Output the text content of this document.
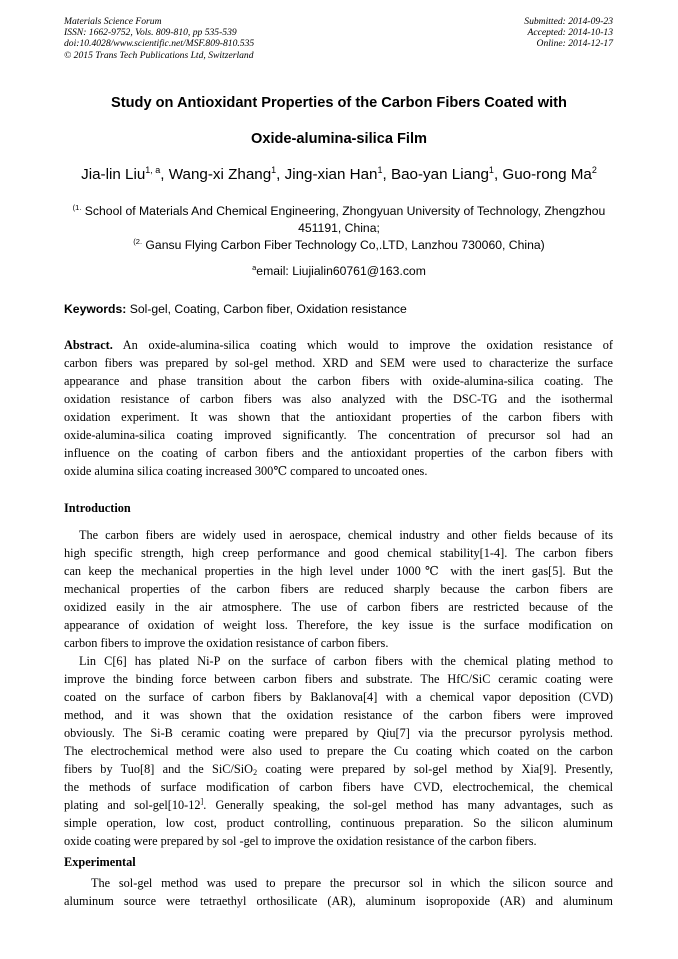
Materials Science Forum
ISSN: 1662-9752, Vols. 809-810, pp 535-539
doi:10.4028/www.scientific.net/MSF.809-810.535
© 2015 Trans Tech Publications Ltd, Switzerland
Submitted: 2014-09-23
Accepted: 2014-10-13
Online: 2014-12-17
Study on Antioxidant Properties of the Carbon Fibers Coated with
Oxide-alumina-silica Film
Jia-lin Liu$^{1, a}$, Wang-xi Zhang$^1$, Jing-xian Han$^1$, Bao-yan Liang$^1$, Guo-rong Ma$^2$
$^{(1.}$ School of Materials And Chemical Engineering, Zhongyuan University of Technology, Zhengzhou
451191, China;
$^{(2.}$ Gansu Flying Carbon Fiber Technology Co,.LTD, Lanzhou 730060, China)
$^a$email: Liujialin60761@163.com
Keywords: Sol-gel, Coating, Carbon fiber, Oxidation resistance
Abstract. An oxide-alumina-silica coating which would to improve the oxidation resistance of
carbon fibers was prepared by sol-gel method. XRD and SEM were used to characterize the surface
appearance and phase transition about the carbon fibers with oxide-alumina-silica coating. The
oxidation resistance of carbon fibers was also analyzed with the DSC-TG and the isothermal
oxidation experiment. It was shown that the antioxidant properties of the carbon fibers with
oxide-alumina-silica coating improved significantly. The concentration of precursor sol had an
influence on the coating of carbon fibers and the antioxidant properties of the carbon fibers with
oxide alumina silica coating increased 300℃ compared to uncoated ones.
Introduction
The carbon fibers are widely used in aerospace, chemical industry and other fields because of its
high specific strength, high creep performance and good chemical stability[1-4]. The carbon fibers
can keep the mechanical properties in the high level under 1000℃ with the inert gas[5]. But the
mechanical properties of the carbon fibers are reduced sharply because the carbon fibers are
oxidized easily in the air atmosphere. The use of carbon fibers are restricted because of the
appearance of oxidation of weight loss. Therefore, the key issue is the surface modification on
carbon fibers to improve the oxidation resistance of carbon fibers.
Lin C[6] has plated Ni-P on the surface of carbon fibers with the chemical plating method to
improve the binding force between carbon fibers and substrate. The HfC/SiC ceramic coating were
coated on the surface of carbon fibers by Baklanova[4] with a chemical vapor deposition (CVD)
method, and it was shown that the oxidation resistance of the carbon fibers were improved
obviously. The Si-B ceramic coating were prepared by Qiu[7] via the precursor pyrolysis method.
The electrochemical method were also used to prepare the Cu coating which coated on the carbon
fibers by Tuo[8] and the SiC/SiO$_2$ coating were prepared by sol-gel method by Xia[9]. Presently,
the methods of surface modification of carbon fibers have CVD, electrochemical, the chemical
plating and sol-gel[10-12]. Generally speaking, the sol-gel method has many advantages, such as
simple operation, low cost, product controlling, continuous preparation. So the silicon aluminum
oxide coating were prepared by sol -gel to improve the oxidation resistance of the carbon fibers.
Experimental
The sol-gel method was used to prepare the precursor sol in which the silicon source and
aluminum source were tetraethyl orthosilicate (AR), aluminum isopropoxide (AR) and aluminum
